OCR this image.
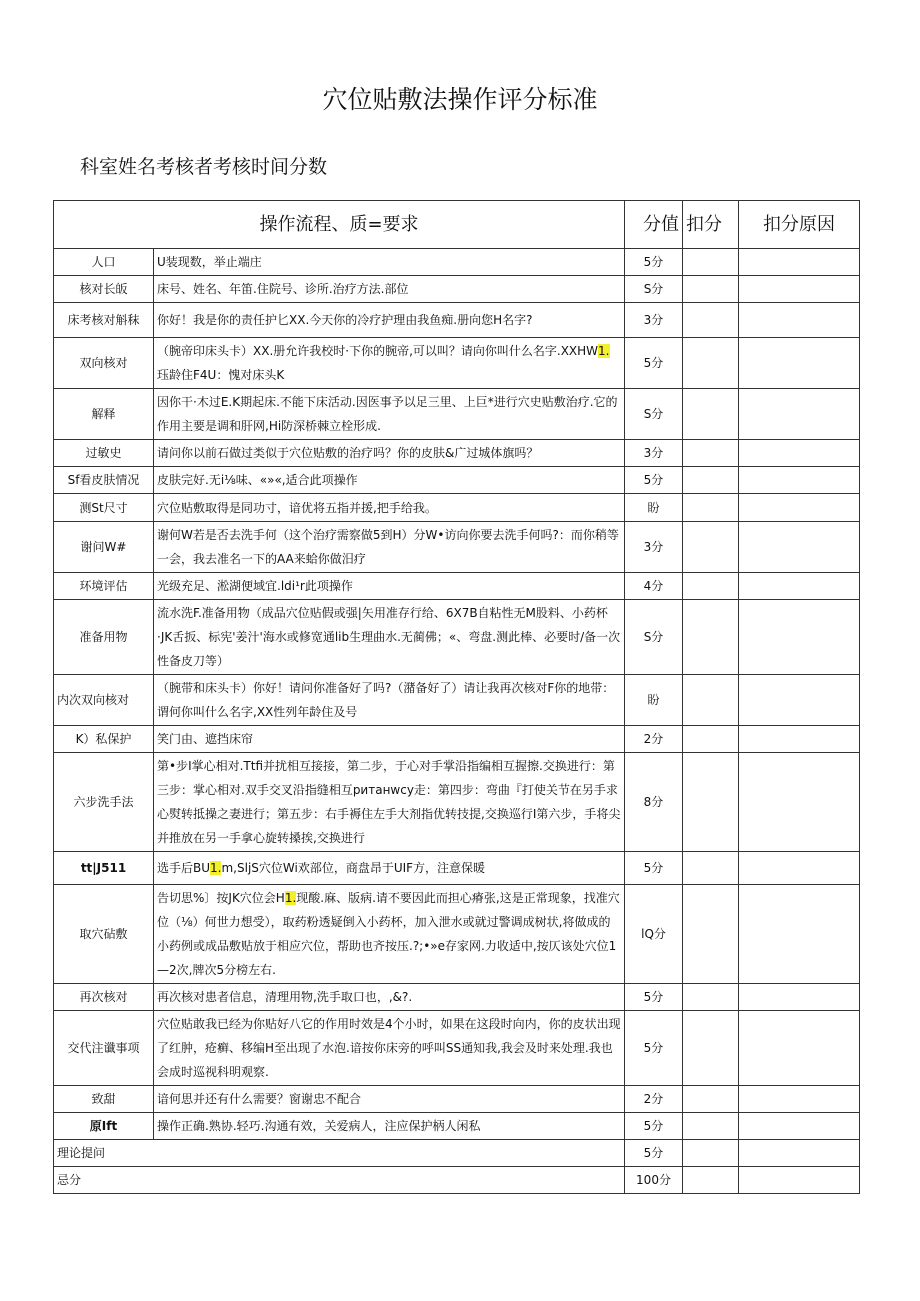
穴位贴敷法操作评分标准

科室姓名考核者考核时间分数

操作流程、质=要求		分值	扣分	扣分原因
人口	U装现数，举止端庄	5分		
核对长皈	床号、姓名、年笛.住院号、诊所.治疗方法.部位	S分		
床考核对斛秣	你好！我是你的责任护匕XX.今天你的冷疗护理由我鱼痴.册向您H名字?	3分		
双向核对	（腕帝印床头卡）XX.册允许我校时·下你的腕帝,可以叫？请向你叫什么名字.XXHW1.珏龄住F4U：愧对床头K	5分		
解释	因你干·木过E.K期起床.不能下床活动.因医事予以足三里、上巨*进行穴史贴敷治疗.它的作用主要是调和肝网,Hi防深桥棘立栓形成.	S分		
过敏史	请问你以前石做过类似于穴位贴敷的治疗吗？你的皮肤&广过城体旗吗？	3分		
Sf看皮肤情况	皮肤完好.无i⅛味、«»«,适合此项操作	5分		
测St尺寸	穴位贴敷取得是同功寸，谙优将五指并援,把手给我。	盼		
谢问W#	谢何W若是否去洗手何（这个治疗需察做5到H）分W•访向你要去洗手何吗?：而你稍等一会，我去准名一下的AA来蛤你做汨疗	3分		
环境评估	光级充足、淞湖便域宜.ldi¹r此项操作	4分		
准备用物	流水洗F.准备用物（成品穴位贴假或强|矢用准存行给、6X7B自粘性无M股料、小药杯·JK舌扳、标宪'姜汁'海水或修宽通lib生理曲水.无蔺佛；«、弯盘.测此棒、必要时/备一次性备皮刀等）	S分		
内次双向核对	（腕带和床头卡）你好！请问你准备好了吗?（潴备好了）请让我再次核对F你的地带：谓何你叫什么名字,XX性列年龄住及号	盼		
K）私保护	笑门由、遮挡床帘	2分		
六步洗手法	第•步I掌心相对.Ttfi并扰相互接接，第二步，于心对手掌沿指编相互握擦.交换进行：第三步：掌心相对.双手交叉沿指缝相互ританwcy走：第四步：弯曲『打使关节在另手求心熨转抵操之妻进行；第五步：右手褥住左手大剂指优转技提,交换巡行I第六步，手将尖并推放在另一手拿心旋转搡挨,交换进行	8分		
tt|J511	选手后BU1.m,SljS穴位Wi欢部位，商盘昂于UIF方，注意保暖	5分		
取穴砧敷	告切思%〕按JK穴位会H1.现酸.麻、版病.请不要因此而担心瘠张,这是正常现象，找准穴位（⅛）何世力想受），取药粉透疑倒入小药杯，加入泄水或就过警调成树状,将做成的小药例或成品敷贴放于相应穴位，帮助也齐按压.?;•»e存家网.力收适中,按仄该处穴位1—2次,牌次5分榜左右.	lQ分		
再次核对	再次核对患者信息，清理用物,洗手取口也，,&?.	5分		
交代注谶事项	穴位贴敢我已经为你贴好八它的作用时效是4个小时，如果在这段时向内，你的皮状出现了红肿，疮癣、移编H至出现了水泡.谙按你床旁的呼叫SS通知我,我会及时来处理.我也会成时巡视科明观察.	5分		
致甜	谙何思并还有什么需要？窗谢忠不配合	2分		
原Ift	操作正确.熟协.轻巧.沟通有效，关爱病人，注应保护柄人闲私	5分		
理论提问		5分		
忌分		100分		
